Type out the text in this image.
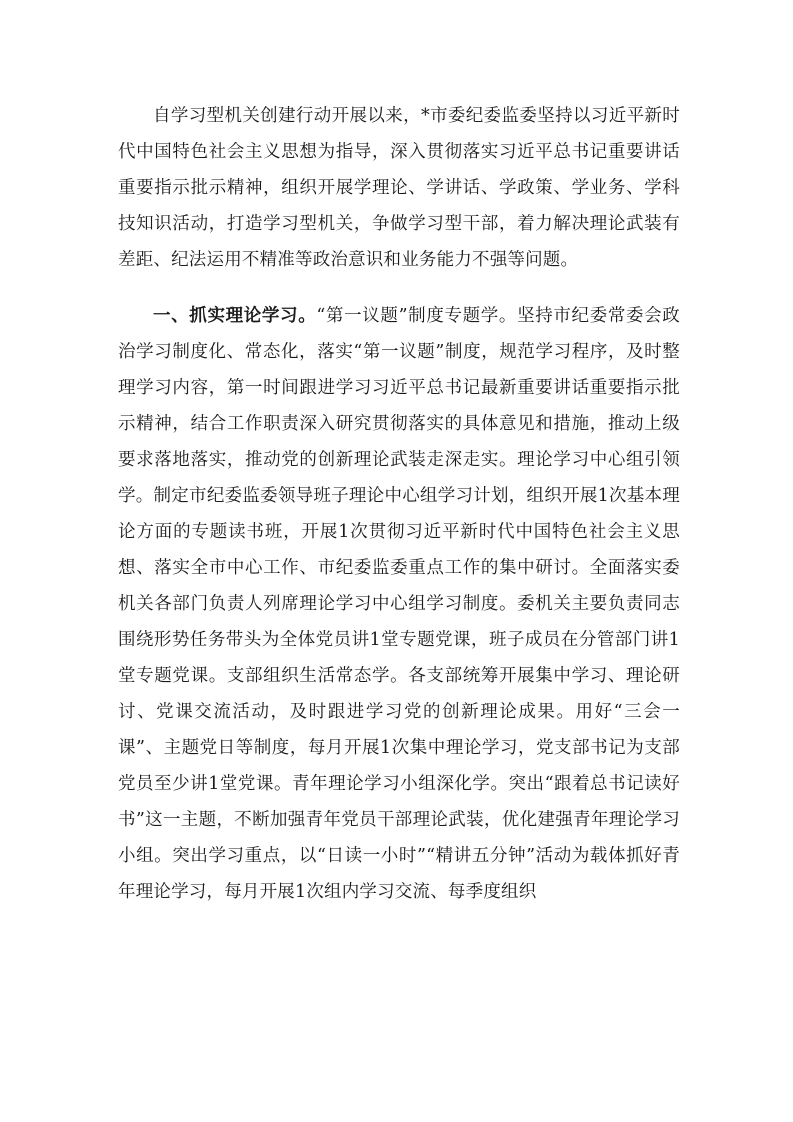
自学习型机关创建行动开展以来，*市委纪委监委坚持以习近平新时代中国特色社会主义思想为指导，深入贯彻落实习近平总书记重要讲话重要指示批示精神，组织开展学理论、学讲话、学政策、学业务、学科技知识活动，打造学习型机关，争做学习型干部，着力解决理论武装有差距、纪法运用不精准等政治意识和业务能力不强等问题。

一、抓实理论学习。“第一议题”制度专题学。坚持市纪委常委会政治学习制度化、常态化，落实“第一议题”制度，规范学习程序，及时整理学习内容，第一时间跟进学习习近平总书记最新重要讲话重要指示批示精神，结合工作职责深入研究贯彻落实的具体意见和措施，推动上级要求落地落实，推动党的创新理论武装走深走实。理论学习中心组引领学。制定市纪委监委领导班子理论中心组学习计划，组织开展1次基本理论方面的专题读书班，开展1次贯彻习近平新时代中国特色社会主义思想、落实全市中心工作、市纪委监委重点工作的集中研讨。全面落实委机关各部门负责人列席理论学习中心组学习制度。委机关主要负责同志围绕形势任务带头为全体党员讲1堂专题党课，班子成员在分管部门讲1堂专题党课。支部组织生活常态学。各支部统筹开展集中学习、理论研讨、党课交流活动，及时跟进学习党的创新理论成果。用好“三会一课”、主题党日等制度，每月开展1次集中理论学习，党支部书记为支部党员至少讲1堂党课。青年理论学习小组深化学。突出“跟着总书记读好书”这一主题，不断加强青年党员干部理论武装，优化建强青年理论学习小组。突出学习重点，以“日读一小时”“精讲五分钟”活动为载体抓好青年理论学习，每月开展1次组内学习交流、每季度组织
